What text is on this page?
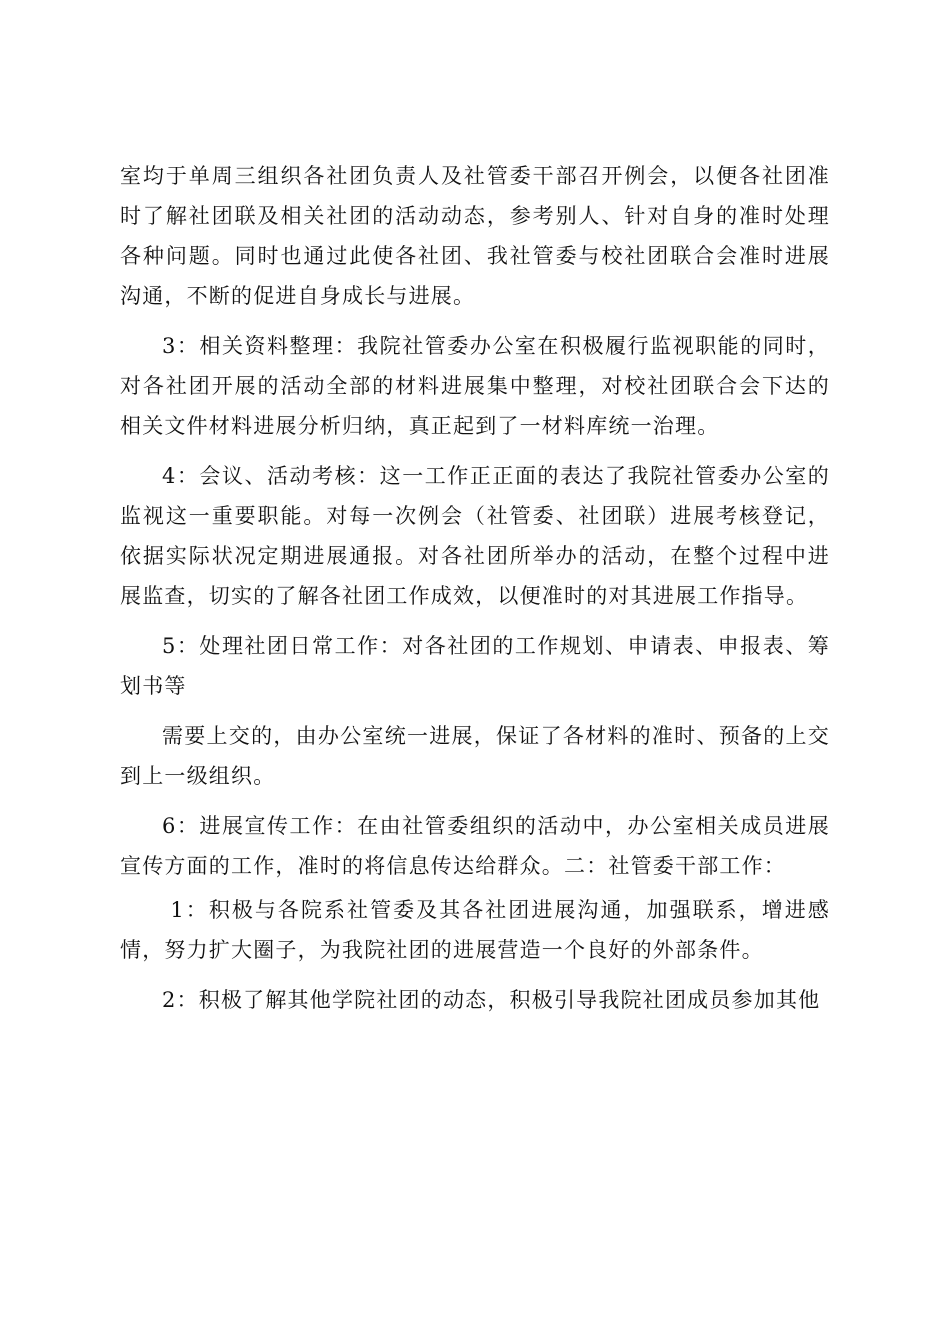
室均于单周三组织各社团负责人及社管委干部召开例会，以便各社团准时了解社团联及相关社团的活动动态，参考别人、针对自身的准时处理各种问题。同时也通过此使各社团、我社管委与校社团联合会准时进展沟通，不断的促进自身成长与进展。

3：相关资料整理：我院社管委办公室在积极履行监视职能的同时，对各社团开展的活动全部的材料进展集中整理，对校社团联合会下达的相关文件材料进展分析归纳，真正起到了一材料库统一治理。

4：会议、活动考核：这一工作正正面的表达了我院社管委办公室的监视这一重要职能。对每一次例会（社管委、社团联）进展考核登记，依据实际状况定期进展通报。对各社团所举办的活动，在整个过程中进展监查，切实的了解各社团工作成效，以便准时的对其进展工作指导。

5：处理社团日常工作：对各社团的工作规划、申请表、申报表、筹划书等

需要上交的，由办公室统一进展，保证了各材料的准时、预备的上交到上一级组织。

6：进展宣传工作：在由社管委组织的活动中，办公室相关成员进展宣传方面的工作，准时的将信息传达给群众。二：社管委干部工作：

1：积极与各院系社管委及其各社团进展沟通，加强联系，增进感情，努力扩大圈子，为我院社团的进展营造一个良好的外部条件。

2：积极了解其他学院社团的动态，积极引导我院社团成员参加其他
